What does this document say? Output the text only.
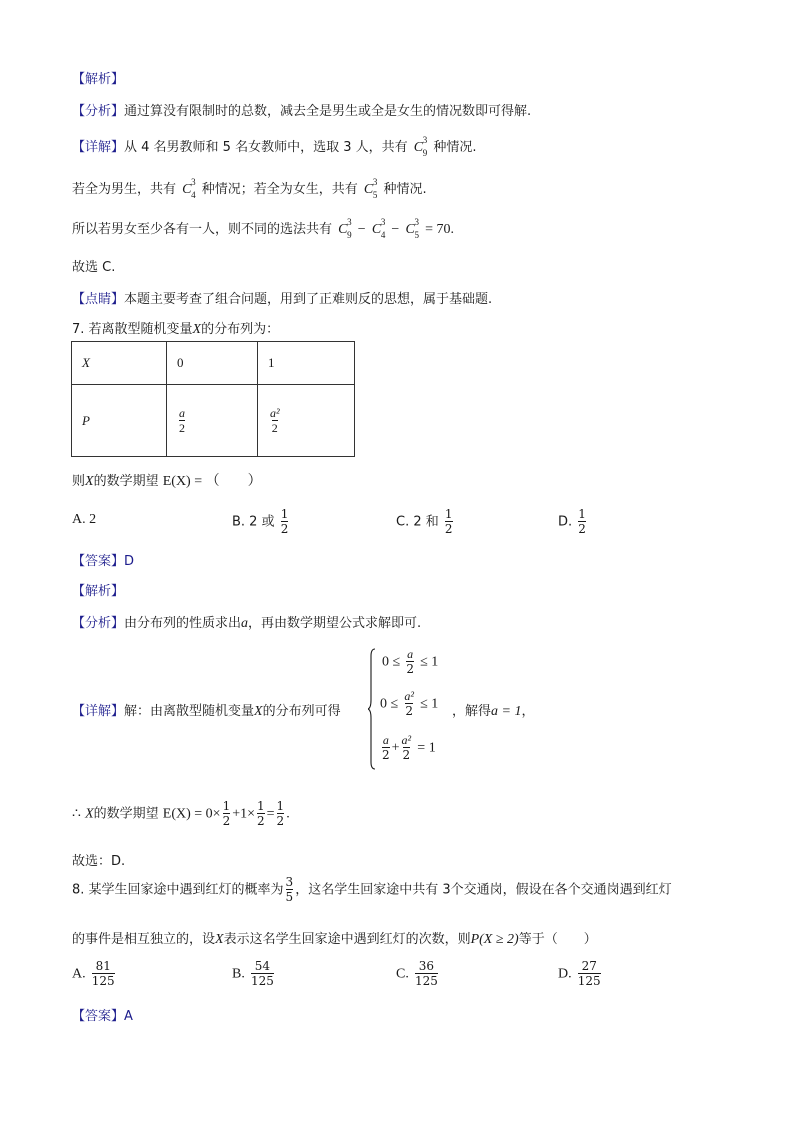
【解析】
【分析】通过算没有限制时的总数，减去全是男生或全是女生的情况数即可得解.
【详解】从 4 名男教师和 5 名女教师中，选取 3 人，共有 C 3
9 种情况.
若全为男生，共有 C 3
4 种情况；若全为女生，共有 C 3
5 种情况.
所以若男女至少各有一人，则不同的选法共有 C 3
9 − C 3
4 − C 3
5 = 70.
故选 C.
【点睛】本题主要考查了组合问题，用到了正难则反的思想，属于基础题.
7. 若离散型随机变量X的分布列为：
X	0	1
P	$\frac{a}{2}$	$\frac{\text{a²}}{2}$
则X的数学期望 E(X) = （　　）
A. 2	B. 2 或 $\frac{1}{2}$	C. 2 和 $\frac{1}{2}$	D. $\frac{1}{2}$
【答案】D
【解析】
【分析】由分布列的性质求出a，再由数学期望公式求解即可.
【详解】解：由离散型随机变量X的分布列可得
$0 \le \frac{a}{2} \le 1$
$0 \le \frac{\text{a²}}{2} \le 1$
$\frac{a}{2} + \frac{\text{a²}}{2} = 1$
，解得a = 1，
∴ X的数学期望 $E(X) = 0\times \frac{1}{2} +1\times \frac{1}{2} = \frac{1}{2}$ .
故选：D.
8. 某学生回家途中遇到红灯的概率为 $\frac{3}{5}$ ，这名学生回家途中共有 3个交通岗，假设在各个交通岗遇到红灯
的事件是相互独立的，设X表示这名学生回家途中遇到红灯的次数，则P(X ≥ 2)等于（　　）
A. $\frac{81}{125}$	B. $\frac{54}{125}$	C. $\frac{36}{125}$	D. $\frac{27}{125}$
【答案】A
